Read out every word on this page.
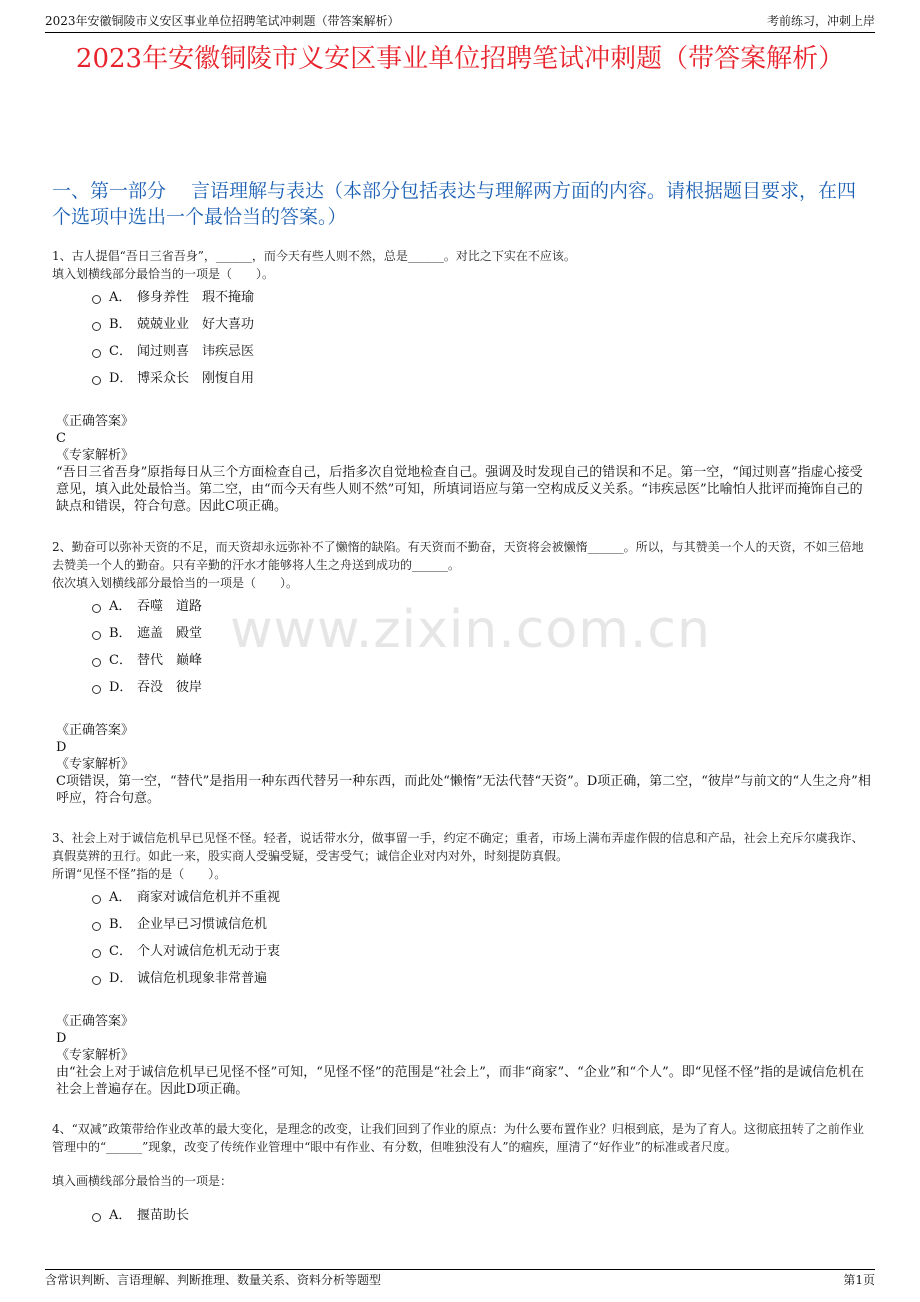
2023年安徽铜陵市义安区事业单位招聘笔试冲刺题（带答案解析）	考前练习，冲刺上岸
2023年安徽铜陵市义安区事业单位招聘笔试冲刺题（带答案解析）
一、第一部分　 言语理解与表达（本部分包括表达与理解两方面的内容。请根据题目要求，在四个选项中选出一个最恰当的答案。）
www.zixin.com.cn

1、古人提倡“吾日三省吾身”，______，而今天有些人则不然，总是______。对比之下实在不应该。

填入划横线部分最恰当的一项是（　　）。

A． 修身养性　瑕不掩瑜
B． 兢兢业业　好大喜功
C． 闻过则喜　讳疾忌医
D． 博采众长　刚愎自用

《正确答案》

C

《专家解析》

“吾日三省吾身”原指每日从三个方面检查自己，后指多次自觉地检查自己。强调及时发现自己的错误和不足。第一空，“闻过则喜”指虚心接受意见，填入此处最恰当。第二空，由“而今天有些人则不然”可知，所填词语应与第一空构成反义关系。“讳疾忌医”比喻怕人批评而掩饰自己的缺点和错误，符合句意。因此C项正确。

2、勤奋可以弥补天资的不足，而天资却永远弥补不了懒惰的缺陷。有天资而不勤奋，天资将会被懒惰______。所以，与其赞美一个人的天资，不如三倍地去赞美一个人的勤奋。只有辛勤的汗水才能够将人生之舟送到成功的______。

依次填入划横线部分最恰当的一项是（　　）。

A． 吞噬　道路
B． 遮盖　殿堂
C． 替代　巅峰
D． 吞没　彼岸

《正确答案》

D

《专家解析》

C项错误，第一空，“替代”是指用一种东西代替另一种东西，而此处“懒惰”无法代替“天资”。D项正确，第二空，“彼岸”与前文的“人生之舟”相呼应，符合句意。

3、社会上对于诚信危机早已见怪不怪。轻者，说话带水分，做事留一手，约定不确定；重者，市场上满布弄虚作假的信息和产品，社会上充斥尔虞我诈、真假莫辨的丑行。如此一来，股实商人受骗受疑，受害受气；诚信企业对内对外，时刻提防真假。

所谓“见怪不怪”指的是（　　）。

A． 商家对诚信危机并不重视
B． 企业早已习惯诚信危机
C． 个人对诚信危机无动于衷
D． 诚信危机现象非常普遍

《正确答案》

D

《专家解析》

由“社会上对于诚信危机早已见怪不怪”可知，“见怪不怪”的范围是“社会上”，而非“商家”、“企业”和“个人”。即“见怪不怪”指的是诚信危机在社会上普遍存在。因此D项正确。

4、“双减”政策带给作业改革的最大变化，是理念的改变，让我们回到了作业的原点：为什么要布置作业？归根到底，是为了育人。这彻底扭转了之前作业管理中的“______”现象，改变了传统作业管理中“眼中有作业、有分数，但唯独没有人”的痼疾，厘清了“好作业”的标准或者尺度。

填入画横线部分最恰当的一项是：

A． 揠苗助长
含常识判断、言语理解、判断推理、数量关系、资料分析等题型	第1页
